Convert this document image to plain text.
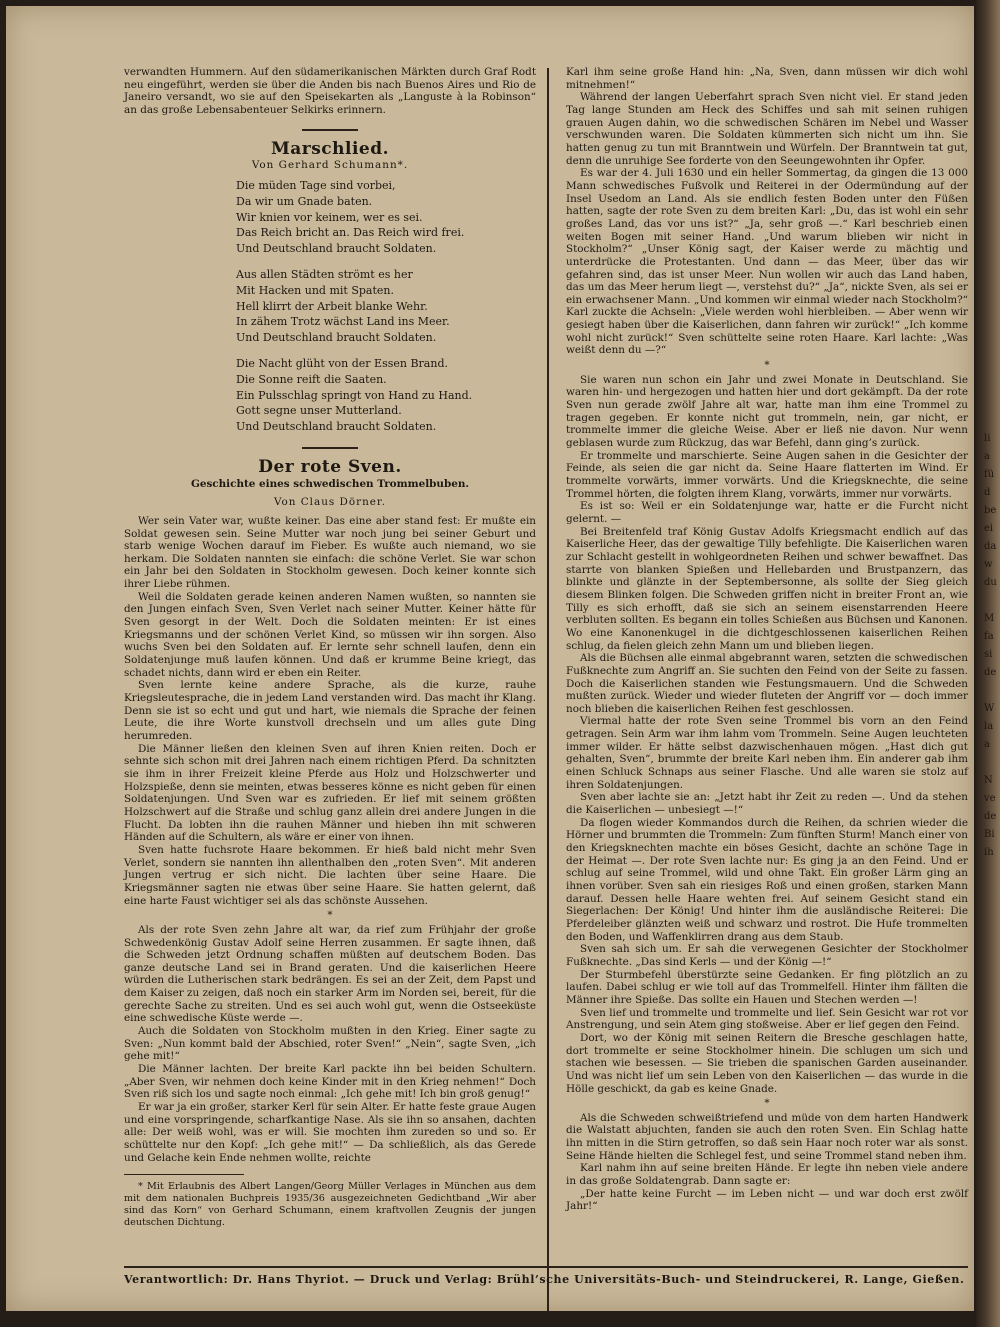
verwandten Hummern. Auf den südamerikanischen Märkten durch Graf Rodt neu eingeführt, werden sie über die Anden bis nach Buenos Aires und Rio de Janeiro versandt, wo sie auf den Speisekarten als „Languste à la Robinson“ an das große Lebensabenteuer Selkirks erinnern.

Marschlied.
Von Gerhard Schumann*.
Die müden Tage sind vorbei,
Da wir um Gnade baten.
Wir knien vor keinem, wer es sei.
Das Reich bricht an. Das Reich wird frei.
Und Deutschland braucht Soldaten.
Aus allen Städten strömt es her
Mit Hacken und mit Spaten.
Hell klirrt der Arbeit blanke Wehr.
In zähem Trotz wächst Land ins Meer.
Und Deutschland braucht Soldaten.
Die Nacht glüht von der Essen Brand.
Die Sonne reift die Saaten.
Ein Pulsschlag springt von Hand zu Hand.
Gott segne unser Mutterland.
Und Deutschland braucht Soldaten.
Der rote Sven.
Geschichte eines schwedischen Trommelbuben.
Von Claus Dörner.

Wer sein Vater war, wußte keiner. Das eine aber stand fest: Er mußte ein Soldat gewesen sein. Seine Mutter war noch jung bei seiner Geburt und starb wenige Wochen darauf im Fieber. Es wußte auch niemand, wo sie herkam. Die Soldaten nannten sie einfach: die schöne Verlet. Sie war schon ein Jahr bei den Soldaten in Stockholm gewesen. Doch keiner konnte sich ihrer Liebe rühmen.

Weil die Soldaten gerade keinen anderen Namen wußten, so nannten sie den Jungen einfach Sven, Sven Verlet nach seiner Mutter. Keiner hätte für Sven gesorgt in der Welt. Doch die Soldaten meinten: Er ist eines Kriegsmanns und der schönen Verlet Kind, so müssen wir ihn sorgen. Also wuchs Sven bei den Soldaten auf. Er lernte sehr schnell laufen, denn ein Soldatenjunge muß laufen können. Und daß er krumme Beine kriegt, das schadet nichts, dann wird er eben ein Reiter.

Sven lernte keine andere Sprache, als die kurze, rauhe Kriegsleutesprache, die in jedem Land verstanden wird. Das macht ihr Klang. Denn sie ist so echt und gut und hart, wie niemals die Sprache der feinen Leute, die ihre Worte kunstvoll drechseln und um alles gute Ding herumreden.

Die Männer ließen den kleinen Sven auf ihren Knien reiten. Doch er sehnte sich schon mit drei Jahren nach einem richtigen Pferd. Da schnitzten sie ihm in ihrer Freizeit kleine Pferde aus Holz und Holzschwerter und Holzspieße, denn sie meinten, etwas besseres könne es nicht geben für einen Soldatenjungen. Und Sven war es zufrieden. Er lief mit seinem größten Holzschwert auf die Straße und schlug ganz allein drei andere Jungen in die Flucht. Da lobten ihn die rauhen Männer und hieben ihn mit schweren Händen auf die Schultern, als wäre er einer von ihnen.

Sven hatte fuchsrote Haare bekommen. Er hieß bald nicht mehr Sven Verlet, sondern sie nannten ihn allenthalben den „roten Sven“. Mit anderen Jungen vertrug er sich nicht. Die lachten über seine Haare. Die Kriegsmänner sagten nie etwas über seine Haare. Sie hatten gelernt, daß eine harte Faust wichtiger sei als das schönste Aussehen.

*

Als der rote Sven zehn Jahre alt war, da rief zum Frühjahr der große Schwedenkönig Gustav Adolf seine Herren zusammen. Er sagte ihnen, daß die Schweden jetzt Ordnung schaffen müßten auf deutschem Boden. Das ganze deutsche Land sei in Brand geraten. Und die kaiserlichen Heere würden die Lutherischen stark bedrängen. Es sei an der Zeit, dem Papst und dem Kaiser zu zeigen, daß noch ein starker Arm im Norden sei, bereit, für die gerechte Sache zu streiten. Und es sei auch wohl gut, wenn die Ostseeküste eine schwedische Küste werde —.

Auch die Soldaten von Stockholm mußten in den Krieg. Einer sagte zu Sven: „Nun kommt bald der Abschied, roter Sven!“ „Nein“, sagte Sven, „ich gehe mit!“

Die Männer lachten. Der breite Karl packte ihn bei beiden Schultern. „Aber Sven, wir nehmen doch keine Kinder mit in den Krieg nehmen!“ Doch Sven riß sich los und sagte noch einmal: „Ich gehe mit! Ich bin groß genug!“

Er war ja ein großer, starker Kerl für sein Alter. Er hatte feste graue Augen und eine vorspringende, scharfkantige Nase. Als sie ihn so ansahen, dachten alle: Der weiß wohl, was er will. Sie mochten ihm zureden so und so. Er schüttelte nur den Kopf: „Ich gehe mit!“ — Da schließlich, als das Gerede und Gelache kein Ende nehmen wollte, reichte

* Mit Erlaubnis des Albert Langen/Georg Müller Verlages in München aus dem mit dem nationalen Buchpreis 1935/36 ausgezeichneten Gedichtband „Wir aber sind das Korn“ von Gerhard Schumann, einem kraftvollen Zeugnis der jungen deutschen Dichtung.

Karl ihm seine große Hand hin: „Na, Sven, dann müssen wir dich wohl mitnehmen!“

Während der langen Ueberfahrt sprach Sven nicht viel. Er stand jeden Tag lange Stunden am Heck des Schiffes und sah mit seinen ruhigen grauen Augen dahin, wo die schwedischen Schären im Nebel und Wasser verschwunden waren. Die Soldaten kümmerten sich nicht um ihn. Sie hatten genug zu tun mit Branntwein und Würfeln. Der Branntwein tat gut, denn die unruhige See forderte von den Seeungewohnten ihr Opfer.

Es war der 4. Juli 1630 und ein heller Sommertag, da gingen die 13 000 Mann schwedisches Fußvolk und Reiterei in der Odermündung auf der Insel Usedom an Land. Als sie endlich festen Boden unter den Füßen hatten, sagte der rote Sven zu dem breiten Karl: „Du, das ist wohl ein sehr großes Land, das vor uns ist?“ „Ja, sehr groß —.“ Karl beschrieb einen weiten Bogen mit seiner Hand. „Und warum blieben wir nicht in Stockholm?“ „Unser König sagt, der Kaiser werde zu mächtig und unterdrücke die Protestanten. Und dann — das Meer, über das wir gefahren sind, das ist unser Meer. Nun wollen wir auch das Land haben, das um das Meer herum liegt —, verstehst du?“ „Ja“, nickte Sven, als sei er ein erwachsener Mann. „Und kommen wir einmal wieder nach Stockholm?“ Karl zuckte die Achseln: „Viele werden wohl hierbleiben. — Aber wenn wir gesiegt haben über die Kaiserlichen, dann fahren wir zurück!“ „Ich komme wohl nicht zurück!“ Sven schüttelte seine roten Haare. Karl lachte: „Was weißt denn du —?“

*

Sie waren nun schon ein Jahr und zwei Monate in Deutschland. Sie waren hin- und hergezogen und hatten hier und dort gekämpft. Da der rote Sven nun gerade zwölf Jahre alt war, hatte man ihm eine Trommel zu tragen gegeben. Er konnte nicht gut trommeln, nein, gar nicht, er trommelte immer die gleiche Weise. Aber er ließ nie davon. Nur wenn geblasen wurde zum Rückzug, das war Befehl, dann ging’s zurück.

Er trommelte und marschierte. Seine Augen sahen in die Gesichter der Feinde, als seien die gar nicht da. Seine Haare flatterten im Wind. Er trommelte vorwärts, immer vorwärts. Und die Kriegsknechte, die seine Trommel hörten, die folgten ihrem Klang, vorwärts, immer nur vorwärts.

Es ist so: Weil er ein Soldatenjunge war, hatte er die Furcht nicht gelernt. —

Bei Breitenfeld traf König Gustav Adolfs Kriegsmacht endlich auf das Kaiserliche Heer, das der gewaltige Tilly befehligte. Die Kaiserlichen waren zur Schlacht gestellt in wohlgeordneten Reihen und schwer bewaffnet. Das starrte von blanken Spießen und Hellebarden und Brustpanzern, das blinkte und glänzte in der Septembersonne, als sollte der Sieg gleich diesem Blinken folgen. Die Schweden griffen nicht in breiter Front an, wie Tilly es sich erhofft, daß sie sich an seinem eisenstarrenden Heere verbluten sollten. Es begann ein tolles Schießen aus Büchsen und Kanonen. Wo eine Kanonenkugel in die dichtgeschlossenen kaiserlichen Reihen schlug, da fielen gleich zehn Mann um und blieben liegen.

Als die Büchsen alle einmal abgebrannt waren, setzten die schwedischen Fußknechte zum Angriff an. Sie suchten den Feind von der Seite zu fassen. Doch die Kaiserlichen standen wie Festungsmauern. Und die Schweden mußten zurück. Wieder und wieder fluteten der Angriff vor — doch immer noch blieben die kaiserlichen Reihen fest geschlossen.

Viermal hatte der rote Sven seine Trommel bis vorn an den Feind getragen. Sein Arm war ihm lahm vom Trommeln. Seine Augen leuchteten immer wilder. Er hätte selbst dazwischenhauen mögen. „Hast dich gut gehalten, Sven“, brummte der breite Karl neben ihm. Ein anderer gab ihm einen Schluck Schnaps aus seiner Flasche. Und alle waren sie stolz auf ihren Soldatenjungen.

Sven aber lachte sie an: „Jetzt habt ihr Zeit zu reden —. Und da stehen die Kaiserlichen — unbesiegt —!“

Da flogen wieder Kommandos durch die Reihen, da schrien wieder die Hörner und brummten die Trommeln: Zum fünften Sturm! Manch einer von den Kriegsknechten machte ein böses Gesicht, dachte an schöne Tage in der Heimat —. Der rote Sven lachte nur: Es ging ja an den Feind. Und er schlug auf seine Trommel, wild und ohne Takt. Ein großer Lärm ging an ihnen vorüber. Sven sah ein riesiges Roß und einen großen, starken Mann darauf. Dessen helle Haare wehten frei. Auf seinem Gesicht stand ein Siegerlachen: Der König! Und hinter ihm die ausländische Reiterei: Die Pferdeleiber glänzten weiß und schwarz und rostrot. Die Hufe trommelten den Boden, und Waffenklirren drang aus dem Staub.

Sven sah sich um. Er sah die verwegenen Gesichter der Stockholmer Fußknechte. „Das sind Kerls — und der König —!“

Der Sturmbefehl überstürzte seine Gedanken. Er fing plötzlich an zu laufen. Dabei schlug er wie toll auf das Trommelfell. Hinter ihm fällten die Männer ihre Spieße. Das sollte ein Hauen und Stechen werden —!

Sven lief und trommelte und trommelte und lief. Sein Gesicht war rot vor Anstrengung, und sein Atem ging stoßweise. Aber er lief gegen den Feind.

Dort, wo der König mit seinen Reitern die Bresche geschlagen hatte, dort trommelte er seine Stockholmer hinein. Die schlugen um sich und stachen wie besessen. — Sie trieben die spanischen Garden auseinander. Und was nicht lief um sein Leben von den Kaiserlichen — das wurde in die Hölle geschickt, da gab es keine Gnade.

*

Als die Schweden schweißtriefend und müde von dem harten Handwerk die Walstatt abjuchten, fanden sie auch den roten Sven. Ein Schlag hatte ihn mitten in die Stirn getroffen, so daß sein Haar noch roter war als sonst. Seine Hände hielten die Schlegel fest, und seine Trommel stand neben ihm.

Karl nahm ihn auf seine breiten Hände. Er legte ihn neben viele andere in das große Soldatengrab. Dann sagte er:

„Der hatte keine Furcht — im Leben nicht — und war doch erst zwölf Jahr!“

Verantwortlich: Dr. Hans Thyriot. — Druck und Verlag: Brühl’sche Universitäts-Buch- und Steindruckerei, R. Lange, Gießen.
li
a
fü
d
be
ei
da
w
du

M
fa
si
de

W
la
a

N
ve
de
Bi
ih
